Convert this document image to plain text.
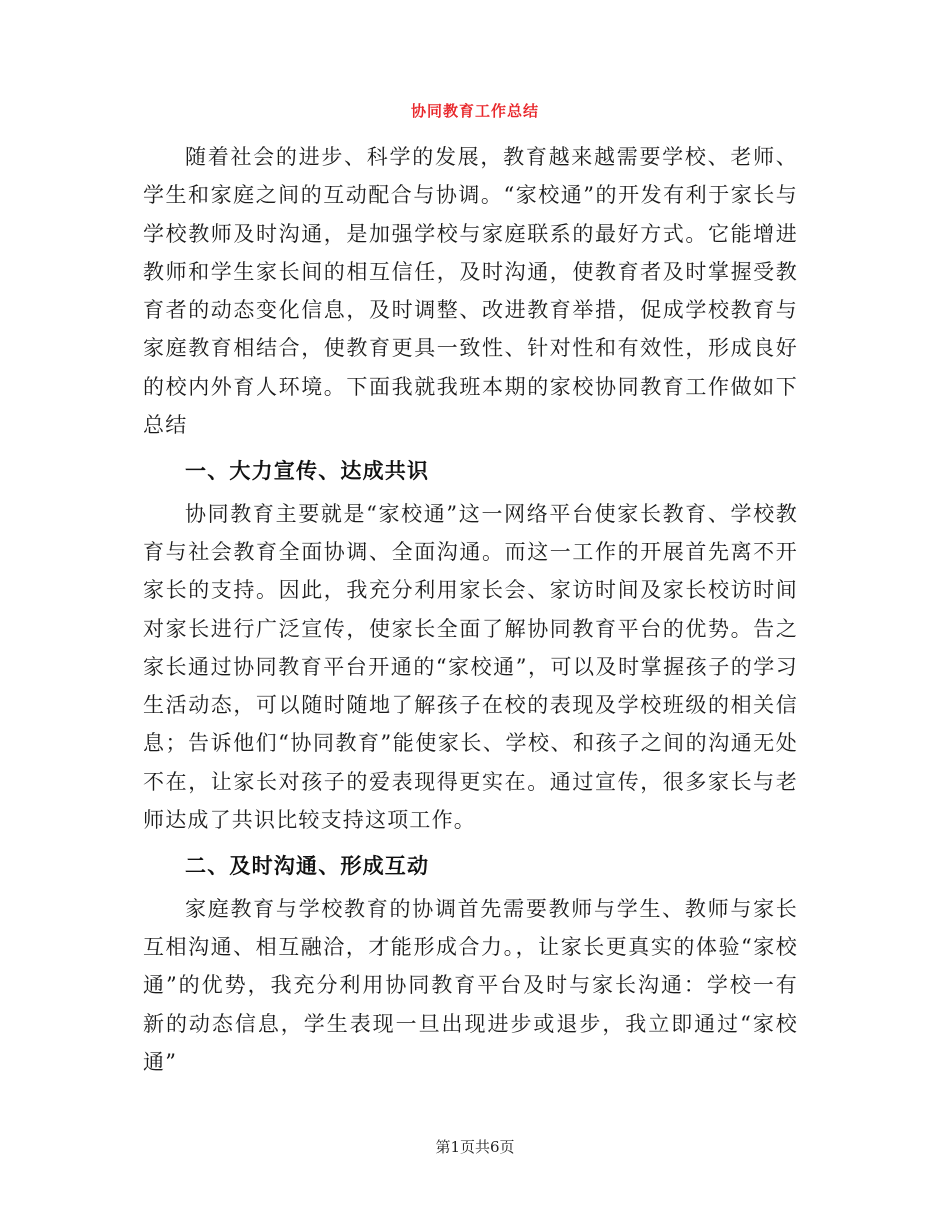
协同教育工作总结

随着社会的进步、科学的发展，教育越来越需要学校、老师、学生和家庭之间的互动配合与协调。“家校通”的开发有利于家长与学校教师及时沟通，是加强学校与家庭联系的最好方式。它能增进教师和学生家长间的相互信任，及时沟通，使教育者及时掌握受教育者的动态变化信息，及时调整、改进教育举措，促成学校教育与家庭教育相结合，使教育更具一致性、针对性和有效性，形成良好的校内外育人环境。下面我就我班本期的家校协同教育工作做如下总结

一、大力宣传、达成共识

协同教育主要就是“家校通”这一网络平台使家长教育、学校教育与社会教育全面协调、全面沟通。而这一工作的开展首先离不开家长的支持。因此，我充分利用家长会、家访时间及家长校访时间对家长进行广泛宣传，使家长全面了解协同教育平台的优势。告之家长通过协同教育平台开通的“家校通”，可以及时掌握孩子的学习生活动态，可以随时随地了解孩子在校的表现及学校班级的相关信息；告诉他们“协同教育”能使家长、学校、和孩子之间的沟通无处不在，让家长对孩子的爱表现得更实在。通过宣传，很多家长与老师达成了共识比较支持这项工作。

二、及时沟通、形成互动

家庭教育与学校教育的协调首先需要教师与学生、教师与家长互相沟通、相互融洽，才能形成合力。，让家长更真实的体验“家校通”的优势，我充分利用协同教育平台及时与家长沟通：学校一有新的动态信息，学生表现一旦出现进步或退步，我立即通过“家校通”

第1页共6页
